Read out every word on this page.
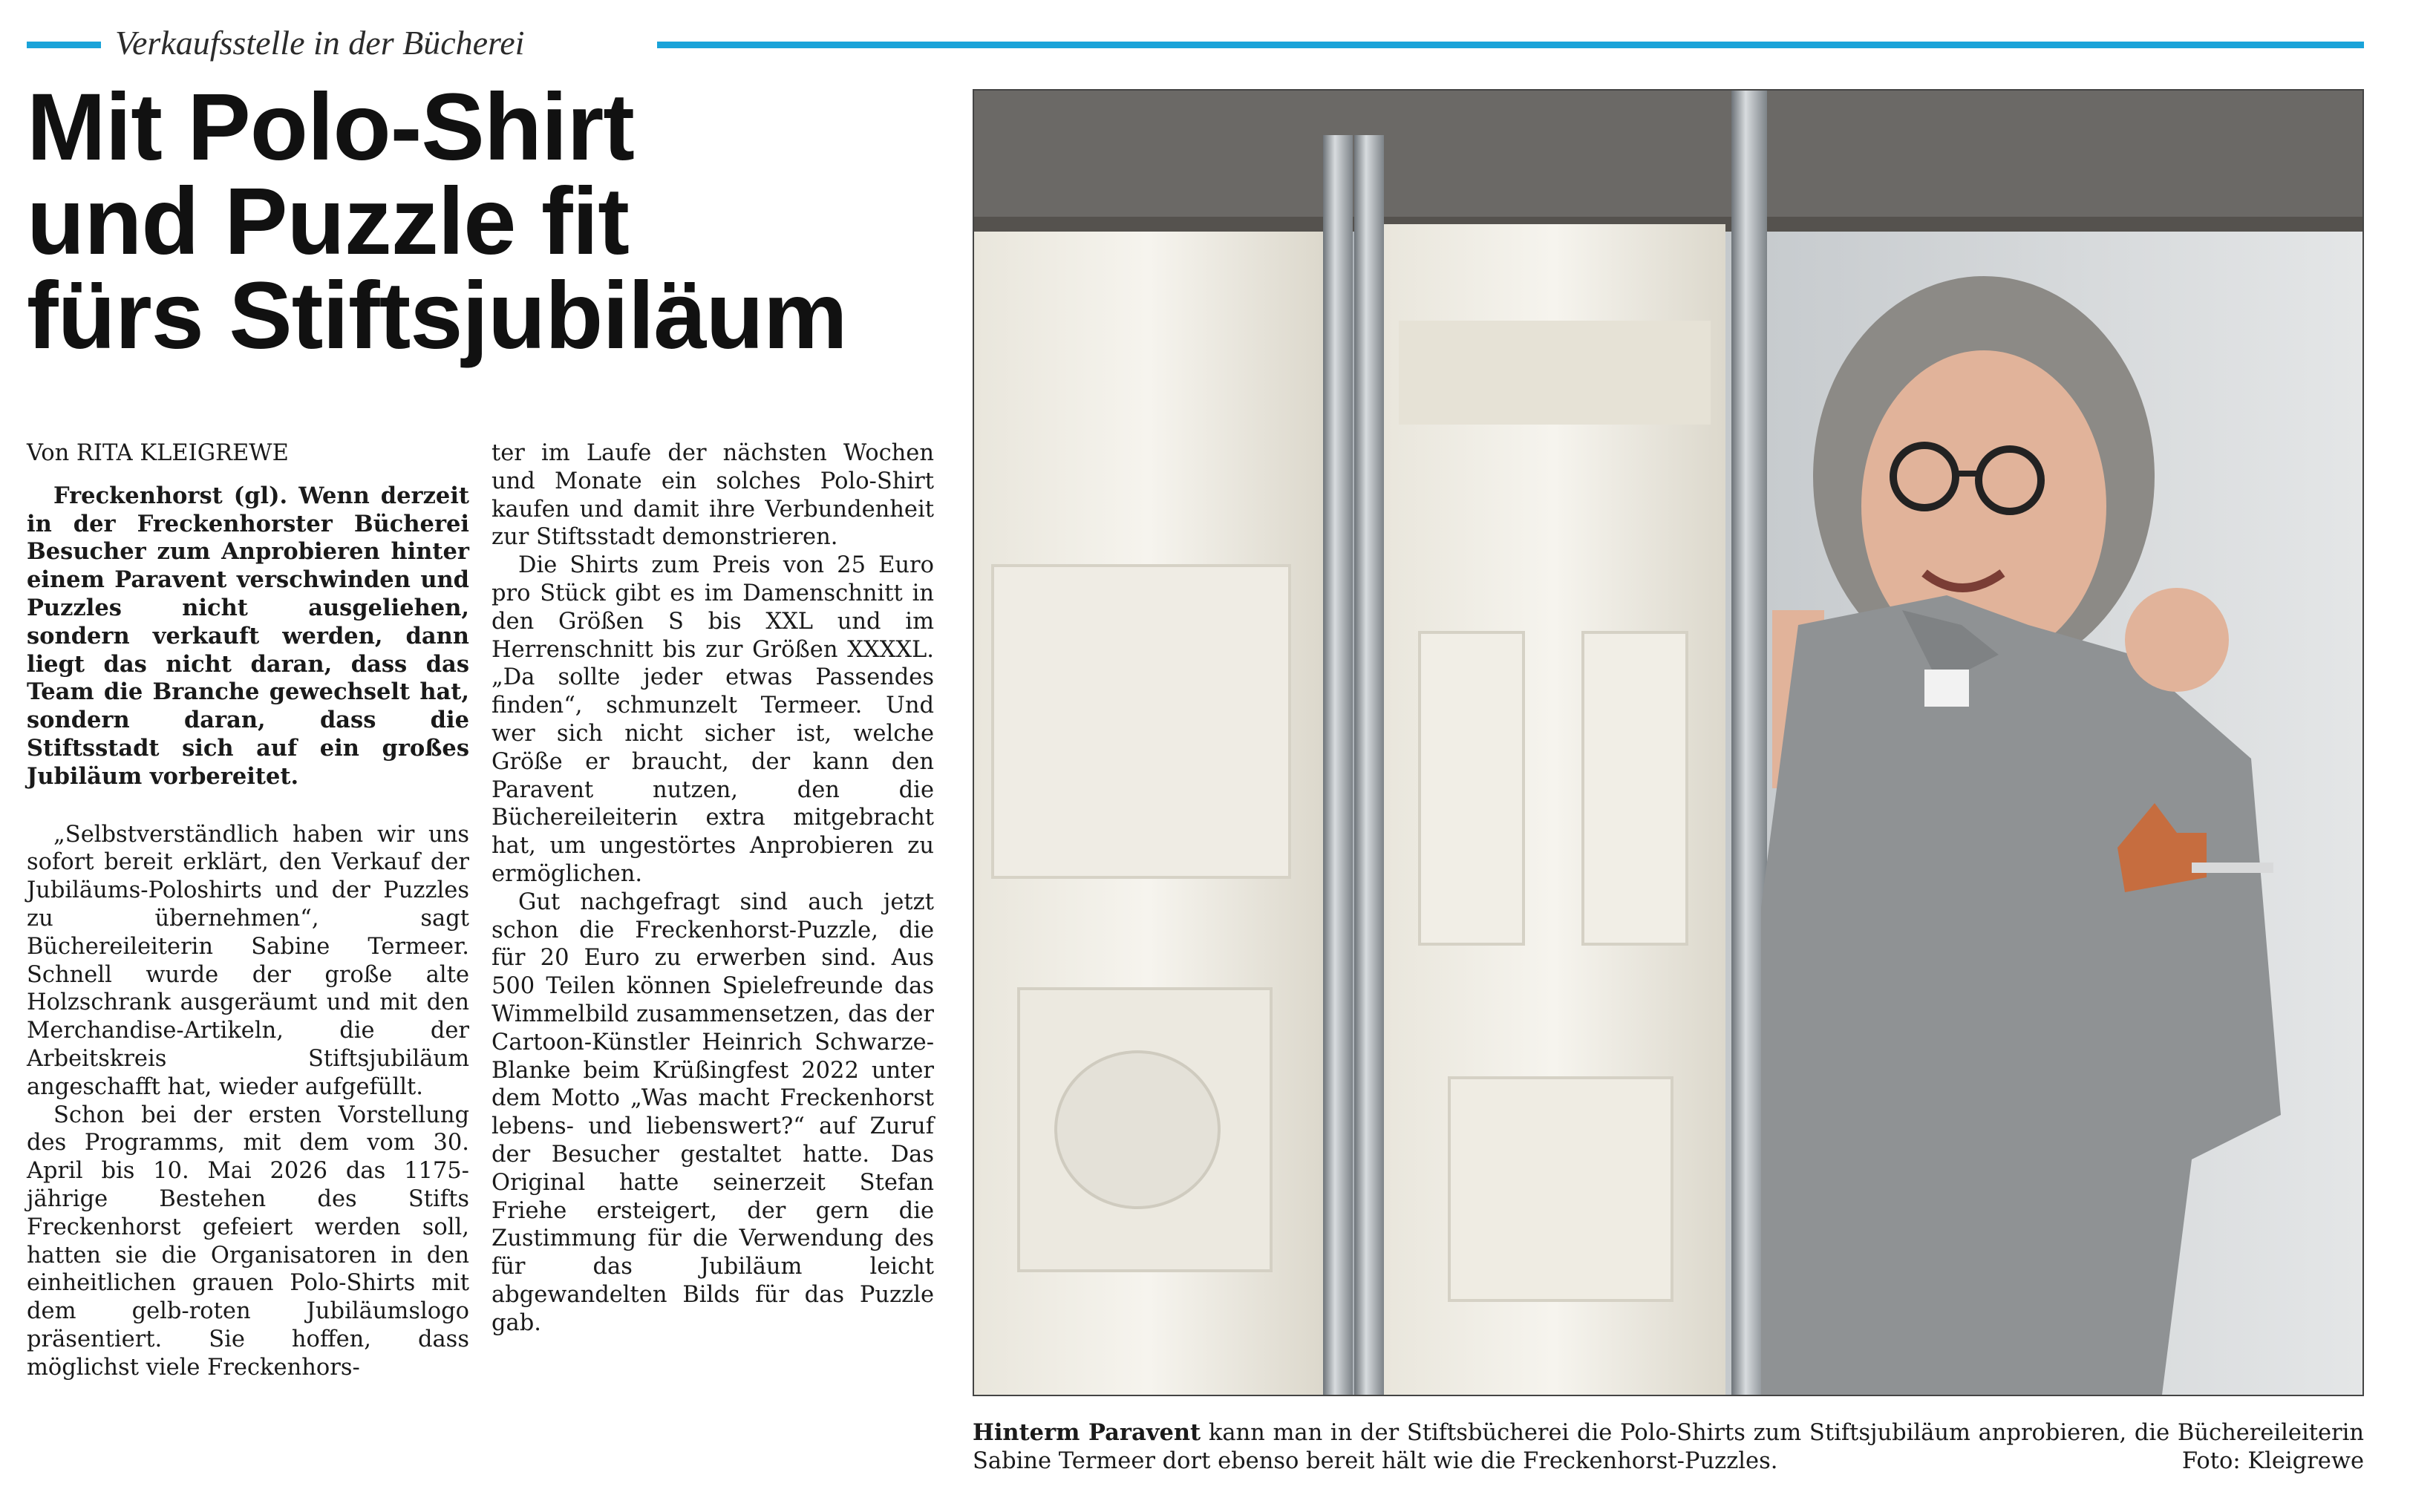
Verkaufsstelle in der Bücherei
Mit Polo-Shirt
und Puzzle fit
fürs Stiftsjubiläum

Von RITA KLEIGREWE

Freckenhorst (gl). Wenn derzeit in der Freckenhorster Bücherei Besucher zum Anprobieren hinter einem Paravent verschwinden und Puzzles nicht ausgeliehen, sondern verkauft werden, dann liegt das nicht daran, dass das Team die Branche gewechselt hat, sondern daran, dass die Stiftsstadt sich auf ein großes Jubiläum vorbereitet.

„Selbstverständlich haben wir uns sofort bereit erklärt, den Verkauf der Jubiläums-Poloshirts und der Puzzles zu übernehmen“, sagt Büchereileiterin Sabine Termeer. Schnell wurde der große alte Holzschrank ausgeräumt und mit den Merchandise-Artikeln, die der Arbeitskreis Stiftsjubiläum angeschafft hat, wieder aufgefüllt.

Schon bei der ersten Vorstellung des Programms, mit dem vom 30. April bis 10. Mai 2026 das 1175-jährige Bestehen des Stifts Freckenhorst gefeiert werden soll, hatten sie die Organisatoren in den einheitlichen grauen Polo-Shirts mit dem gelb-roten Jubiläumslogo präsentiert. Sie hoffen, dass möglichst viele Freckenhors-

ter im Laufe der nächsten Wochen und Monate ein solches Polo-Shirt kaufen und damit ihre Verbundenheit zur Stiftsstadt demonstrieren.

Die Shirts zum Preis von 25 Euro pro Stück gibt es im Damenschnitt in den Größen S bis XXL und im Herrenschnitt bis zur Größen XXXXL. „Da sollte jeder etwas Passendes finden“, schmunzelt Termeer. Und wer sich nicht sicher ist, welche Größe er braucht, der kann den Paravent nutzen, den die Büchereileiterin extra mitgebracht hat, um ungestörtes Anprobieren zu ermöglichen.

Gut nachgefragt sind auch jetzt schon die Freckenhorst-Puzzle, die für 20 Euro zu erwerben sind. Aus 500 Teilen können Spielefreunde das Wimmelbild zusammensetzen, das der Cartoon-Künstler Heinrich Schwarze-Blanke beim Krüßingfest 2022 unter dem Motto „Was macht Freckenhorst lebens- und liebenswert?“ auf Zuruf der Besucher gestaltet hatte. Das Original hatte seinerzeit Stefan Friehe ersteigert, der gern die Zustimmung für die Verwendung des für das Jubiläum leicht abgewandelten Bilds für das Puzzle gab.

Hinterm Paravent kann man in der Stiftsbücherei die Polo-Shirts zum Stiftsjubiläum anprobieren, die Büchereileiterin Sabine Termeer dort ebenso bereit hält wie die Freckenhorst-Puzzles.	Foto: Kleigrewe
